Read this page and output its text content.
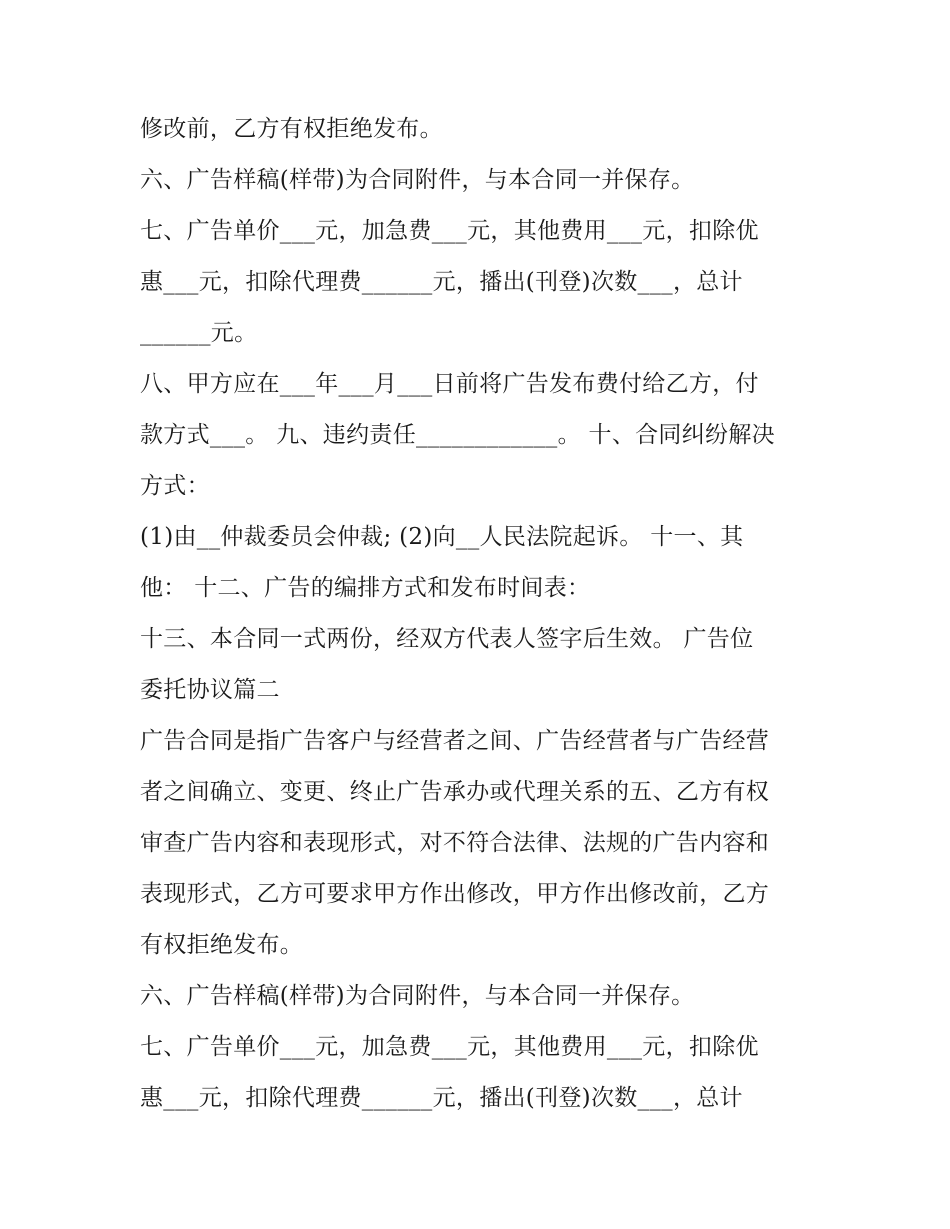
修改前，乙方有权拒绝发布。
六、广告样稿(样带)为合同附件，与本合同一并保存。
七、广告单价___元，加急费___元，其他费用___元，扣除优
惠___元，扣除代理费______元，播出(刊登)次数___，总计
______元。
八、甲方应在___年___月___日前将广告发布费付给乙方，付
款方式___。 九、违约责任____________。 十、合同纠纷解决
方式：
(1)由__仲裁委员会仲裁; (2)向__人民法院起诉。 十一、其
他： 十二、广告的编排方式和发布时间表：
十三、本合同一式两份，经双方代表人签字后生效。 广告位
委托协议篇二
广告合同是指广告客户与经营者之间、广告经营者与广告经营
者之间确立、变更、终止广告承办或代理关系的五、乙方有权
审查广告内容和表现形式，对不符合法律、法规的广告内容和
表现形式，乙方可要求甲方作出修改，甲方作出修改前，乙方
有权拒绝发布。
六、广告样稿(样带)为合同附件，与本合同一并保存。
七、广告单价___元，加急费___元，其他费用___元，扣除优
惠___元，扣除代理费______元，播出(刊登)次数___，总计
